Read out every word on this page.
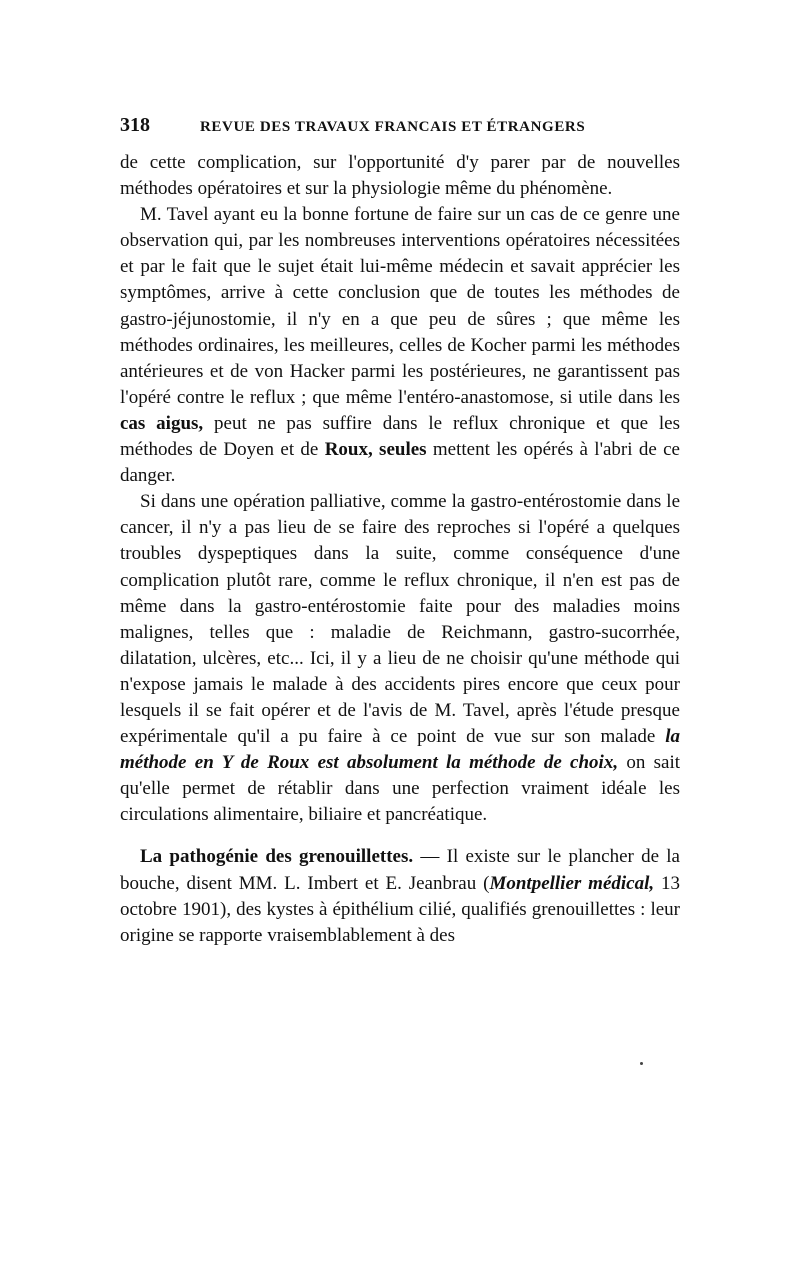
318	REVUE DES TRAVAUX FRANCAIS ET ÉTRANGERS

de cette complication, sur l'opportunité d'y parer par de nouvelles méthodes opératoires et sur la physiologie même du phénomène.

M. Tavel ayant eu la bonne fortune de faire sur un cas de ce genre une observation qui, par les nombreuses interventions opératoires nécessitées et par le fait que le sujet était lui-même médecin et savait apprécier les symptômes, arrive à cette conclusion que de toutes les méthodes de gastro-jéjunostomie, il n'y en a que peu de sûres ; que même les méthodes ordinaires, les meilleures, celles de Kocher parmi les méthodes antérieures et de von Hacker parmi les postérieures, ne garantissent pas l'opéré contre le reflux ; que même l'entéro-anastomose, si utile dans les cas aigus, peut ne pas suffire dans le reflux chronique et que les méthodes de Doyen et de Roux, seules mettent les opérés à l'abri de ce danger.

Si dans une opération palliative, comme la gastro-entérostomie dans le cancer, il n'y a pas lieu de se faire des reproches si l'opéré a quelques troubles dyspeptiques dans la suite, comme conséquence d'une complication plutôt rare, comme le reflux chronique, il n'en est pas de même dans la gastro-entérostomie faite pour des maladies moins malignes, telles que : maladie de Reichmann, gastro-sucorrhée, dilatation, ulcères, etc... Ici, il y a lieu de ne choisir qu'une méthode qui n'expose jamais le malade à des accidents pires encore que ceux pour lesquels il se fait opérer et de l'avis de M. Tavel, après l'étude presque expérimentale qu'il a pu faire à ce point de vue sur son malade la méthode en Y de Roux est absolument la méthode de choix, on sait qu'elle permet de rétablir dans une perfection vraiment idéale les circulations alimentaire, biliaire et pancréatique.

La pathogénie des grenouillettes. — Il existe sur le plancher de la bouche, disent MM. L. Imbert et E. Jeanbrau (Montpellier médical, 13 octobre 1901), des kystes à épithélium cilié, qualifiés grenouillettes : leur origine se rapporte vraisemblablement à des
